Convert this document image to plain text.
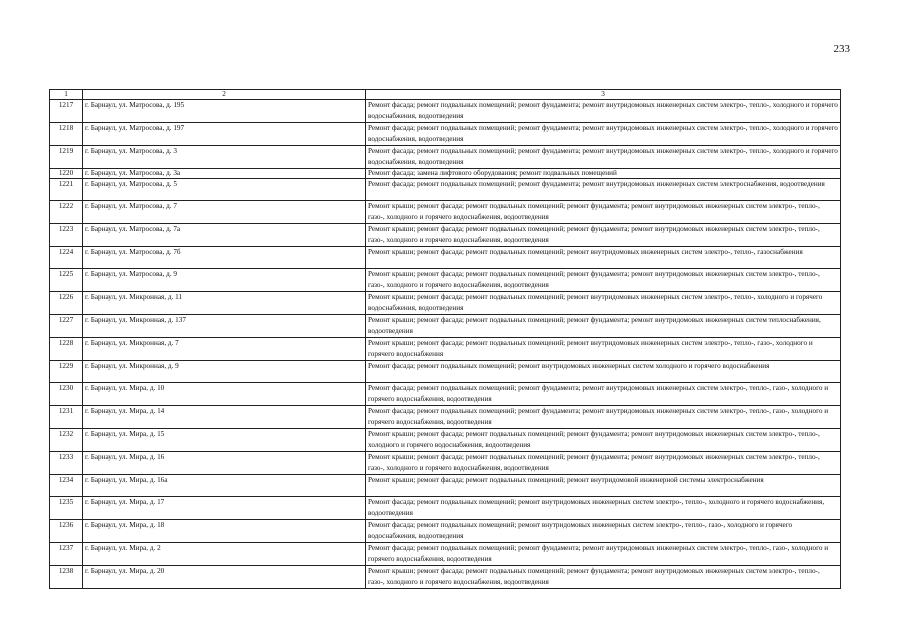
233
1	2	3
1217	г. Барнаул, ул. Матросова, д. 195	Ремонт фасада; ремонт подвальных помещений; ремонт фундамента; ремонт внутридомовых инженерных систем электро-, тепло-, холодного и горячего водоснабжения, водоотведения
1218	г. Барнаул, ул. Матросова, д. 197	Ремонт фасада; ремонт подвальных помещений; ремонт фундамента; ремонт внутридомовых инженерных систем электро-, тепло-, холодного и горячего водоснабжения, водоотведения
1219	г. Барнаул, ул. Матросова, д. 3	Ремонт фасада; ремонт подвальных помещений; ремонт фундамента; ремонт внутридомовых инженерных систем электро-, тепло-, холодного и горячего водоснабжения, водоотведения
1220	г. Барнаул, ул. Матросова, д. 3а	Ремонт фасада; замена лифтового оборудования; ремонт подвальных помещений
1221	г. Барнаул, ул. Матросова, д. 5	Ремонт фасада; ремонт подвальных помещений; ремонт фундамента; ремонт внутридомовых инженерных систем электроснабжения, водоотведения
1222	г. Барнаул, ул. Матросова, д. 7	Ремонт крыши; ремонт фасада; ремонт подвальных помещений; ремонт фундамента; ремонт внутридомовых инженерных систем электро-, тепло-, газо-, холодного и горячего водоснабжения, водоотведения
1223	г. Барнаул, ул. Матросова, д. 7а	Ремонт крыши; ремонт фасада; ремонт подвальных помещений; ремонт фундамента; ремонт внутридомовых инженерных систем электро-, тепло-, газо-, холодного и горячего водоснабжения, водоотведения
1224	г. Барнаул, ул. Матросова, д. 7б	Ремонт крыши; ремонт фасада; ремонт подвальных помещений; ремонт внутридомовых инженерных систем электро-, тепло-, газоснабжения
1225	г. Барнаул, ул. Матросова, д. 9	Ремонт крыши; ремонт фасада; ремонт подвальных помещений; ремонт фундамента; ремонт внутридомовых инженерных систем электро-, тепло-, газо-, холодного и горячего водоснабжения, водоотведения
1226	г. Барнаул, ул. Микронная, д. 11	Ремонт крыши; ремонт фасада; ремонт подвальных помещений; ремонт внутридомовых инженерных систем электро-, тепло-, холодного и горячего водоснабжения, водоотведения
1227	г. Барнаул, ул. Микронная, д. 137	Ремонт крыши; ремонт фасада; ремонт подвальных помещений; ремонт фундамента; ремонт внутридомовых инженерных систем теплоснабжения, водоотведения
1228	г. Барнаул, ул. Микронная, д. 7	Ремонт крыши; ремонт фасада; ремонт подвальных помещений; ремонт внутридомовых инженерных систем электро-, тепло-, газо-, холодного и горячего водоснабжения
1229	г. Барнаул, ул. Микронная, д. 9	Ремонт фасада; ремонт подвальных помещений; ремонт внутридомовых инженерных систем холодного и горячего водоснабжения
1230	г. Барнаул, ул. Мира, д. 10	Ремонт фасада; ремонт подвальных помещений; ремонт фундамента; ремонт внутридомовых инженерных систем электро-, тепло-, газо-, холодного и горячего водоснабжения, водоотведения
1231	г. Барнаул, ул. Мира, д. 14	Ремонт фасада; ремонт подвальных помещений; ремонт фундамента; ремонт внутридомовых инженерных систем электро-, тепло-, газо-, холодного и горячего водоснабжения, водоотведения
1232	г. Барнаул, ул. Мира, д. 15	Ремонт крыши; ремонт фасада; ремонт подвальных помещений; ремонт фундамента; ремонт внутридомовых инженерных систем электро-, тепло-, холодного и горячего водоснабжения, водоотведения
1233	г. Барнаул, ул. Мира, д. 16	Ремонт крыши; ремонт фасада; ремонт подвальных помещений; ремонт фундамента; ремонт внутридомовых инженерных систем электро-, тепло-, газо-, холодного и горячего водоснабжения, водоотведения
1234	г. Барнаул, ул. Мира, д. 16а	Ремонт крыши; ремонт фасада; ремонт подвальных помещений; ремонт внутридомовой инженерной системы электроснабжения
1235	г. Барнаул, ул. Мира, д. 17	Ремонт фасада; ремонт подвальных помещений; ремонт внутридомовых инженерных систем электро-, тепло-, холодного и горячего водоснабжения, водоотведения
1236	г. Барнаул, ул. Мира, д. 18	Ремонт фасада; ремонт подвальных помещений; ремонт внутридомовых инженерных систем электро-, тепло-, газо-, холодного и горячего водоснабжения, водоотведения
1237	г. Барнаул, ул. Мира, д. 2	Ремонт фасада; ремонт подвальных помещений; ремонт фундамента; ремонт внутридомовых инженерных систем электро-, тепло-, газо-, холодного и горячего водоснабжения, водоотведения
1238	г. Барнаул, ул. Мира, д. 20	Ремонт крыши; ремонт фасада; ремонт подвальных помещений; ремонт фундамента; ремонт внутридомовых инженерных систем электро-, тепло-, газо-, холодного и горячего водоснабжения, водоотведения
